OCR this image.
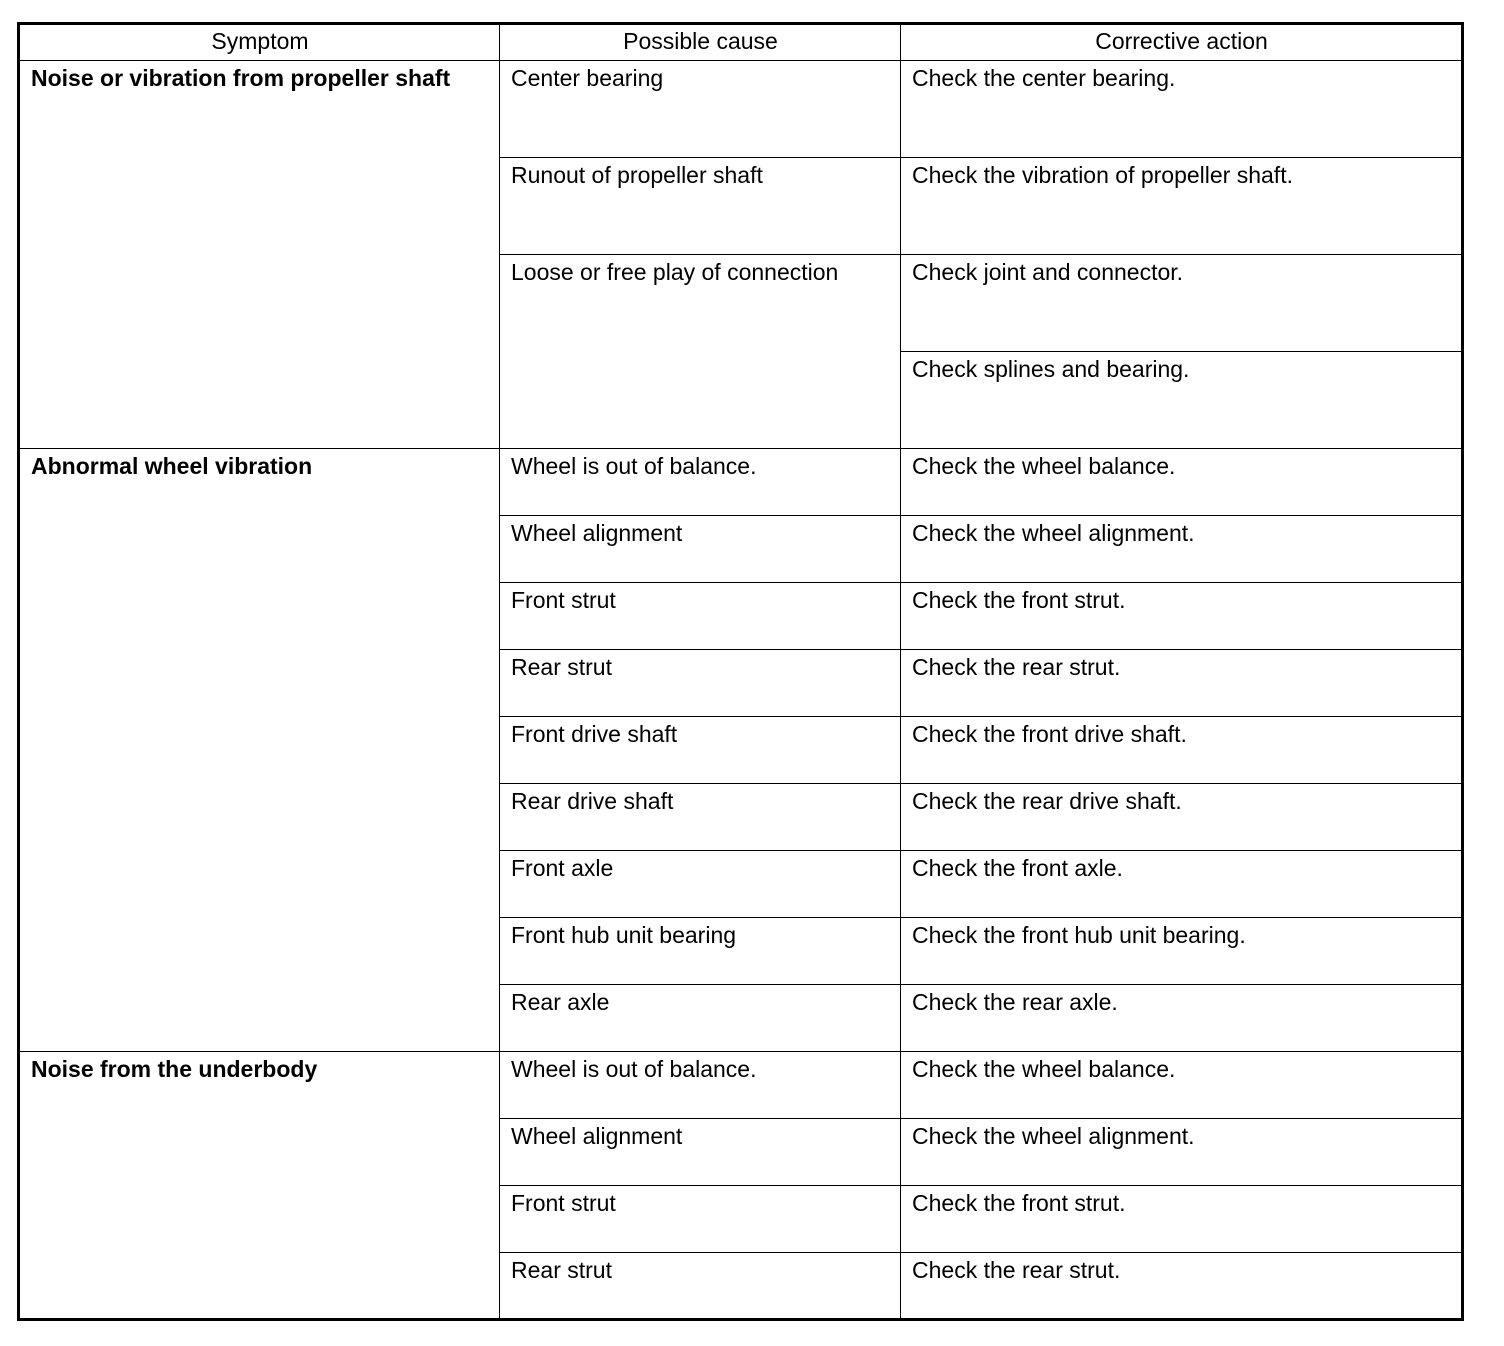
Symptom	Possible cause	Corrective action
Noise or vibration from propeller shaft	Center bearing	Check the center bearing.
	Runout of propeller shaft	Check the vibration of propeller shaft.
	Loose or free play of connection	Check joint and connector.
		Check splines and bearing.
Abnormal wheel vibration	Wheel is out of balance.	Check the wheel balance.
	Wheel alignment	Check the wheel alignment.
	Front strut	Check the front strut.
	Rear strut	Check the rear strut.
	Front drive shaft	Check the front drive shaft.
	Rear drive shaft	Check the rear drive shaft.
	Front axle	Check the front axle.
	Front hub unit bearing	Check the front hub unit bearing.
	Rear axle	Check the rear axle.
Noise from the underbody	Wheel is out of balance.	Check the wheel balance.
	Wheel alignment	Check the wheel alignment.
	Front strut	Check the front strut.
	Rear strut	Check the rear strut.
